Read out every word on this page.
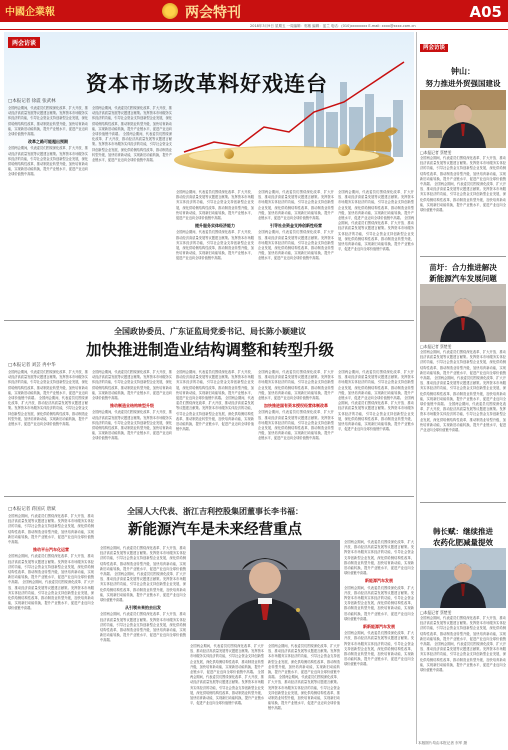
中國企業報	两会特刊	A05
2018年3月9日 星期五 一周编辑：郭敏 编辑：蓝兰 电话：(010)xxxxxxxx E-mail: xxxx@xxxx.com.cn
两会访谈
资本市场改革料好戏连台
□本报记者 徐震 张武林
全国两会期间，代表委员们围绕深化改革、扩大开放、推动经济高质量发展等议题建言献策。发挥资本市场服务实体经济的功能，引导社会资金支持创新型企业发展，深化供给侧结构性改革，推动制造业转型升级，加快培育新动能，实现新旧动能转换，提升产业链水平，促进产业迈向全球价值链中高端。
改革之路可能超出预期
全国两会期间，代表委员们围绕深化改革、扩大开放、推动经济高质量发展等议题建言献策。发挥资本市场服务实体经济的功能，引导社会资金支持创新型企业发展，深化供给侧结构性改革，推动制造业转型升级，加快培育新动能，实现新旧动能转换，提升产业链水平，促进产业迈向全球价值链中高端。
全国两会期间，代表委员们围绕深化改革、扩大开放、推动经济高质量发展等议题建言献策。发挥资本市场服务实体经济的功能，引导社会资金支持创新型企业发展，深化供给侧结构性改革，推动制造业转型升级，加快培育新动能，实现新旧动能转换，提升产业链水平，促进产业迈向全球价值链中高端。 全国两会期间，代表委员们围绕深化改革、扩大开放、推动经济高质量发展等议题建言献策。发挥资本市场服务实体经济的功能，引导社会资金支持创新型企业发展，深化供给侧结构性改革，推动制造业转型升级，加快培育新动能，实现新旧动能转换，提升产业链水平，促进产业迈向全球价值链中高端。
全国两会期间，代表委员们围绕深化改革、扩大开放、推动经济高质量发展等议题建言献策。发挥资本市场服务实体经济的功能，引导社会资金支持创新型企业发展，深化供给侧结构性改革，推动制造业转型升级，加快培育新动能，实现新旧动能转换，提升产业链水平，促进产业迈向全球价值链中高端。
提升服务实体经济能力
全国两会期间，代表委员们围绕深化改革、扩大开放、推动经济高质量发展等议题建言献策。发挥资本市场服务实体经济的功能，引导社会资金支持创新型企业发展，深化供给侧结构性改革，推动制造业转型升级，加快培育新动能，实现新旧动能转换，提升产业链水平，促进产业迈向全球价值链中高端。
全国两会期间，代表委员们围绕深化改革、扩大开放、推动经济高质量发展等议题建言献策。发挥资本市场服务实体经济的功能，引导社会资金支持创新型企业发展，深化供给侧结构性改革，推动制造业转型升级，加快培育新动能，实现新旧动能转换，提升产业链水平，促进产业迈向全球价值链中高端。
引导社会资金支持创新性经营
全国两会期间，代表委员们围绕深化改革、扩大开放、推动经济高质量发展等议题建言献策。发挥资本市场服务实体经济的功能，引导社会资金支持创新型企业发展，深化供给侧结构性改革，推动制造业转型升级，加快培育新动能，实现新旧动能转换，提升产业链水平，促进产业迈向全球价值链中高端。
全国两会期间，代表委员们围绕深化改革、扩大开放、推动经济高质量发展等议题建言献策。发挥资本市场服务实体经济的功能，引导社会资金支持创新型企业发展，深化供给侧结构性改革，推动制造业转型升级，加快培育新动能，实现新旧动能转换，提升产业链水平，促进产业迈向全球价值链中高端。 全国两会期间，代表委员们围绕深化改革、扩大开放、推动经济高质量发展等议题建言献策。发挥资本市场服务实体经济的功能，引导社会资金支持创新型企业发展，深化供给侧结构性改革，推动制造业转型升级，加快培育新动能，实现新旧动能转换，提升产业链水平，促进产业迈向全球价值链中高端。
全国政协委员、广东证监局党委书记、局长陈小颖建议
加快推进制造业结构调整和转型升级
□本报记者 刘芸 冉中华
全国两会期间，代表委员们围绕深化改革、扩大开放、推动经济高质量发展等议题建言献策。发挥资本市场服务实体经济的功能，引导社会资金支持创新型企业发展，深化供给侧结构性改革，推动制造业转型升级，加快培育新动能，实现新旧动能转换，提升产业链水平，促进产业迈向全球价值链中高端。 全国两会期间，代表委员们围绕深化改革、扩大开放、推动经济高质量发展等议题建言献策。发挥资本市场服务实体经济的功能，引导社会资金支持创新型企业发展，深化供给侧结构性改革，推动制造业转型升级，加快培育新动能，实现新旧动能转换，提升产业链水平，促进产业迈向全球价值链中高端。
全国两会期间，代表委员们围绕深化改革、扩大开放、推动经济高质量发展等议题建言献策。发挥资本市场服务实体经济的功能，引导社会资金支持创新型企业发展，深化供给侧结构性改革，推动制造业转型升级，加快培育新动能，实现新旧动能转换，提升产业链水平，促进产业迈向全球价值链中高端。
推动制造业结构转型升级
全国两会期间，代表委员们围绕深化改革、扩大开放、推动经济高质量发展等议题建言献策。发挥资本市场服务实体经济的功能，引导社会资金支持创新型企业发展，深化供给侧结构性改革，推动制造业转型升级，加快培育新动能，实现新旧动能转换，提升产业链水平，促进产业迈向全球价值链中高端。
全国两会期间，代表委员们围绕深化改革、扩大开放、推动经济高质量发展等议题建言献策。发挥资本市场服务实体经济的功能，引导社会资金支持创新型企业发展，深化供给侧结构性改革，推动制造业转型升级，加快培育新动能，实现新旧动能转换，提升产业链水平，促进产业迈向全球价值链中高端。 全国两会期间，代表委员们围绕深化改革、扩大开放、推动经济高质量发展等议题建言献策。发挥资本市场服务实体经济的功能，引导社会资金支持创新型企业发展，深化供给侧结构性改革，推动制造业转型升级，加快培育新动能，实现新旧动能转换，提升产业链水平，促进产业迈向全球价值链中高端。
全国两会期间，代表委员们围绕深化改革、扩大开放、推动经济高质量发展等议题建言献策。发挥资本市场服务实体经济的功能，引导社会资金支持创新型企业发展，深化供给侧结构性改革，推动制造业转型升级，加快培育新动能，实现新旧动能转换，提升产业链水平，促进产业迈向全球价值链中高端。
加快推进国有资本授权经营体制改革
全国两会期间，代表委员们围绕深化改革、扩大开放、推动经济高质量发展等议题建言献策。发挥资本市场服务实体经济的功能，引导社会资金支持创新型企业发展，深化供给侧结构性改革，推动制造业转型升级，加快培育新动能，实现新旧动能转换，提升产业链水平，促进产业迈向全球价值链中高端。
全国两会期间，代表委员们围绕深化改革、扩大开放、推动经济高质量发展等议题建言献策。发挥资本市场服务实体经济的功能，引导社会资金支持创新型企业发展，深化供给侧结构性改革，推动制造业转型升级，加快培育新动能，实现新旧动能转换，提升产业链水平，促进产业迈向全球价值链中高端。 全国两会期间，代表委员们围绕深化改革、扩大开放、推动经济高质量发展等议题建言献策。发挥资本市场服务实体经济的功能，引导社会资金支持创新型企业发展，深化供给侧结构性改革，推动制造业转型升级，加快培育新动能，实现新旧动能转换，提升产业链水平，促进产业迈向全球价值链中高端。
全国人大代表、浙江吉利控股集团董事长李书福：
新能源汽车是未来经营重点
□本报记者 蒋国庆 唐斌
全国两会期间，代表委员们围绕深化改革、扩大开放、推动经济高质量发展等议题建言献策。发挥资本市场服务实体经济的功能，引导社会资金支持创新型企业发展，深化供给侧结构性改革，推动制造业转型升级，加快培育新动能，实现新旧动能转换，提升产业链水平，促进产业迈向全球价值链中高端。
推动平台汽车化运营
全国两会期间，代表委员们围绕深化改革、扩大开放、推动经济高质量发展等议题建言献策。发挥资本市场服务实体经济的功能，引导社会资金支持创新型企业发展，深化供给侧结构性改革，推动制造业转型升级，加快培育新动能，实现新旧动能转换，提升产业链水平，促进产业迈向全球价值链中高端。 全国两会期间，代表委员们围绕深化改革、扩大开放、推动经济高质量发展等议题建言献策。发挥资本市场服务实体经济的功能，引导社会资金支持创新型企业发展，深化供给侧结构性改革，推动制造业转型升级，加快培育新动能，实现新旧动能转换，提升产业链水平，促进产业迈向全球价值链中高端。
全国两会期间，代表委员们围绕深化改革、扩大开放、推动经济高质量发展等议题建言献策。发挥资本市场服务实体经济的功能，引导社会资金支持创新型企业发展，深化供给侧结构性改革，推动制造业转型升级，加快培育新动能，实现新旧动能转换，提升产业链水平，促进产业迈向全球价值链中高端。 全国两会期间，代表委员们围绕深化改革、扩大开放、推动经济高质量发展等议题建言献策。发挥资本市场服务实体经济的功能，引导社会资金支持创新型企业发展，深化供给侧结构性改革，推动制造业转型升级，加快培育新动能，实现新旧动能转换，提升产业链水平，促进产业迈向全球价值链中高端。
从引领未来拍去出发
全国两会期间，代表委员们围绕深化改革、扩大开放、推动经济高质量发展等议题建言献策。发挥资本市场服务实体经济的功能，引导社会资金支持创新型企业发展，深化供给侧结构性改革，推动制造业转型升级，加快培育新动能，实现新旧动能转换，提升产业链水平，促进产业迈向全球价值链中高端。
全国两会期间，代表委员们围绕深化改革、扩大开放、推动经济高质量发展等议题建言献策。发挥资本市场服务实体经济的功能，引导社会资金支持创新型企业发展，深化供给侧结构性改革，推动制造业转型升级，加快培育新动能，实现新旧动能转换，提升产业链水平，促进产业迈向全球价值链中高端。 全国两会期间，代表委员们围绕深化改革、扩大开放、推动经济高质量发展等议题建言献策。发挥资本市场服务实体经济的功能，引导社会资金支持创新型企业发展，深化供给侧结构性改革，推动制造业转型升级，加快培育新动能，实现新旧动能转换，提升产业链水平，促进产业迈向全球价值链中高端。
全国两会期间，代表委员们围绕深化改革、扩大开放、推动经济高质量发展等议题建言献策。发挥资本市场服务实体经济的功能，引导社会资金支持创新型企业发展，深化供给侧结构性改革，推动制造业转型升级，加快培育新动能，实现新旧动能转换，提升产业链水平，促进产业迈向全球价值链中高端。 全国两会期间，代表委员们围绕深化改革、扩大开放、推动经济高质量发展等议题建言献策。发挥资本市场服务实体经济的功能，引导社会资金支持创新型企业发展，深化供给侧结构性改革，推动制造业转型升级，加快培育新动能，实现新旧动能转换，提升产业链水平，促进产业迈向全球价值链中高端。
全国两会期间，代表委员们围绕深化改革、扩大开放、推动经济高质量发展等议题建言献策。发挥资本市场服务实体经济的功能，引导社会资金支持创新型企业发展，深化供给侧结构性改革，推动制造业转型升级，加快培育新动能，实现新旧动能转换，提升产业链水平，促进产业迈向全球价值链中高端。
新能源汽车发展
全国两会期间，代表委员们围绕深化改革、扩大开放、推动经济高质量发展等议题建言献策。发挥资本市场服务实体经济的功能，引导社会资金支持创新型企业发展，深化供给侧结构性改革，推动制造业转型升级，加快培育新动能，实现新旧动能转换，提升产业链水平，促进产业迈向全球价值链中高端。
新新能源汽车发展
全国两会期间，代表委员们围绕深化改革、扩大开放、推动经济高质量发展等议题建言献策。发挥资本市场服务实体经济的功能，引导社会资金支持创新型企业发展，深化供给侧结构性改革，推动制造业转型升级，加快培育新动能，实现新旧动能转换，提升产业链水平，促进产业迈向全球价值链中高端。
两会访谈
钟山：
努力推进外贸强国建设
□本报记者 蔡楚雯
全国两会期间，代表委员们围绕深化改革、扩大开放、推动经济高质量发展等议题建言献策。发挥资本市场服务实体经济的功能，引导社会资金支持创新型企业发展，深化供给侧结构性改革，推动制造业转型升级，加快培育新动能，实现新旧动能转换，提升产业链水平，促进产业迈向全球价值链中高端。 全国两会期间，代表委员们围绕深化改革、扩大开放、推动经济高质量发展等议题建言献策。发挥资本市场服务实体经济的功能，引导社会资金支持创新型企业发展，深化供给侧结构性改革，推动制造业转型升级，加快培育新动能，实现新旧动能转换，提升产业链水平，促进产业迈向全球价值链中高端。
苗圩：合力推进解决
新能源汽车发展问题
□本报记者 蔡楚雯
全国两会期间，代表委员们围绕深化改革、扩大开放、推动经济高质量发展等议题建言献策。发挥资本市场服务实体经济的功能，引导社会资金支持创新型企业发展，深化供给侧结构性改革，推动制造业转型升级，加快培育新动能，实现新旧动能转换，提升产业链水平，促进产业迈向全球价值链中高端。 全国两会期间，代表委员们围绕深化改革、扩大开放、推动经济高质量发展等议题建言献策。发挥资本市场服务实体经济的功能，引导社会资金支持创新型企业发展，深化供给侧结构性改革，推动制造业转型升级，加快培育新动能，实现新旧动能转换，提升产业链水平，促进产业迈向全球价值链中高端。 全国两会期间，代表委员们围绕深化改革、扩大开放、推动经济高质量发展等议题建言献策。发挥资本市场服务实体经济的功能，引导社会资金支持创新型企业发展，深化供给侧结构性改革，推动制造业转型升级，加快培育新动能，实现新旧动能转换，提升产业链水平，促进产业迈向全球价值链中高端。
韩长赋：继续推进
农药化肥减量提效
□本报记者 蔡楚雯
全国两会期间，代表委员们围绕深化改革、扩大开放、推动经济高质量发展等议题建言献策。发挥资本市场服务实体经济的功能，引导社会资金支持创新型企业发展，深化供给侧结构性改革，推动制造业转型升级，加快培育新动能，实现新旧动能转换，提升产业链水平，促进产业迈向全球价值链中高端。 全国两会期间，代表委员们围绕深化改革、扩大开放、推动经济高质量发展等议题建言献策。发挥资本市场服务实体经济的功能，引导社会资金支持创新型企业发展，深化供给侧结构性改革，推动制造业转型升级，加快培育新动能，实现新旧动能转换，提升产业链水平，促进产业迈向全球价值链中高端。
本版图片均由本报记者 东军 摄
